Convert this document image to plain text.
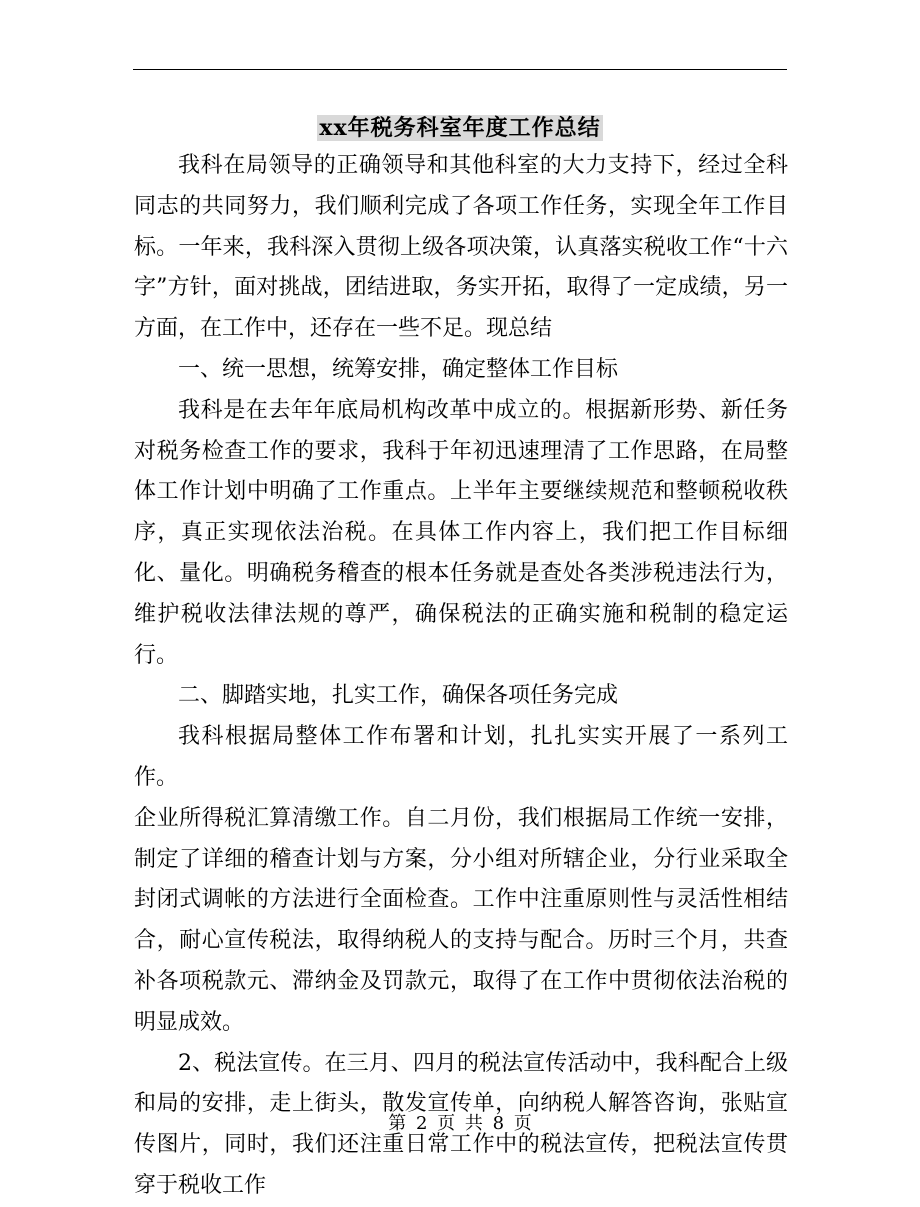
xx年税务科室年度工作总结

我科在局领导的正确领导和其他科室的大力支持下，经过全科同志的共同努力，我们顺利完成了各项工作任务，实现全年工作目标。一年来，我科深入贯彻上级各项决策，认真落实税收工作“十六字”方针，面对挑战，团结进取，务实开拓，取得了一定成绩，另一方面，在工作中，还存在一些不足。现总结

一、统一思想，统筹安排，确定整体工作目标

我科是在去年年底局机构改革中成立的。根据新形势、新任务对税务检查工作的要求，我科于年初迅速理清了工作思路，在局整体工作计划中明确了工作重点。上半年主要继续规范和整顿税收秩序，真正实现依法治税。在具体工作内容上，我们把工作目标细化、量化。明确税务稽查的根本任务就是查处各类涉税违法行为，维护税收法律法规的尊严，确保税法的正确实施和税制的稳定运行。

二、脚踏实地，扎实工作，确保各项任务完成

我科根据局整体工作布署和计划，扎扎实实开展了一系列工作。

企业所得税汇算清缴工作。自二月份，我们根据局工作统一安排，制定了详细的稽查计划与方案，分小组对所辖企业，分行业采取全封闭式调帐的方法进行全面检查。工作中注重原则性与灵活性相结合，耐心宣传税法，取得纳税人的支持与配合。历时三个月，共查补各项税款元、滞纳金及罚款元，取得了在工作中贯彻依法治税的明显成效。

2、税法宣传。在三月、四月的税法宣传活动中，我科配合上级和局的安排，走上街头，散发宣传单，向纳税人解答咨询，张贴宣传图片，同时，我们还注重日常工作中的税法宣传，把税法宣传贯穿于税收工作

第 2 页 共 8 页
